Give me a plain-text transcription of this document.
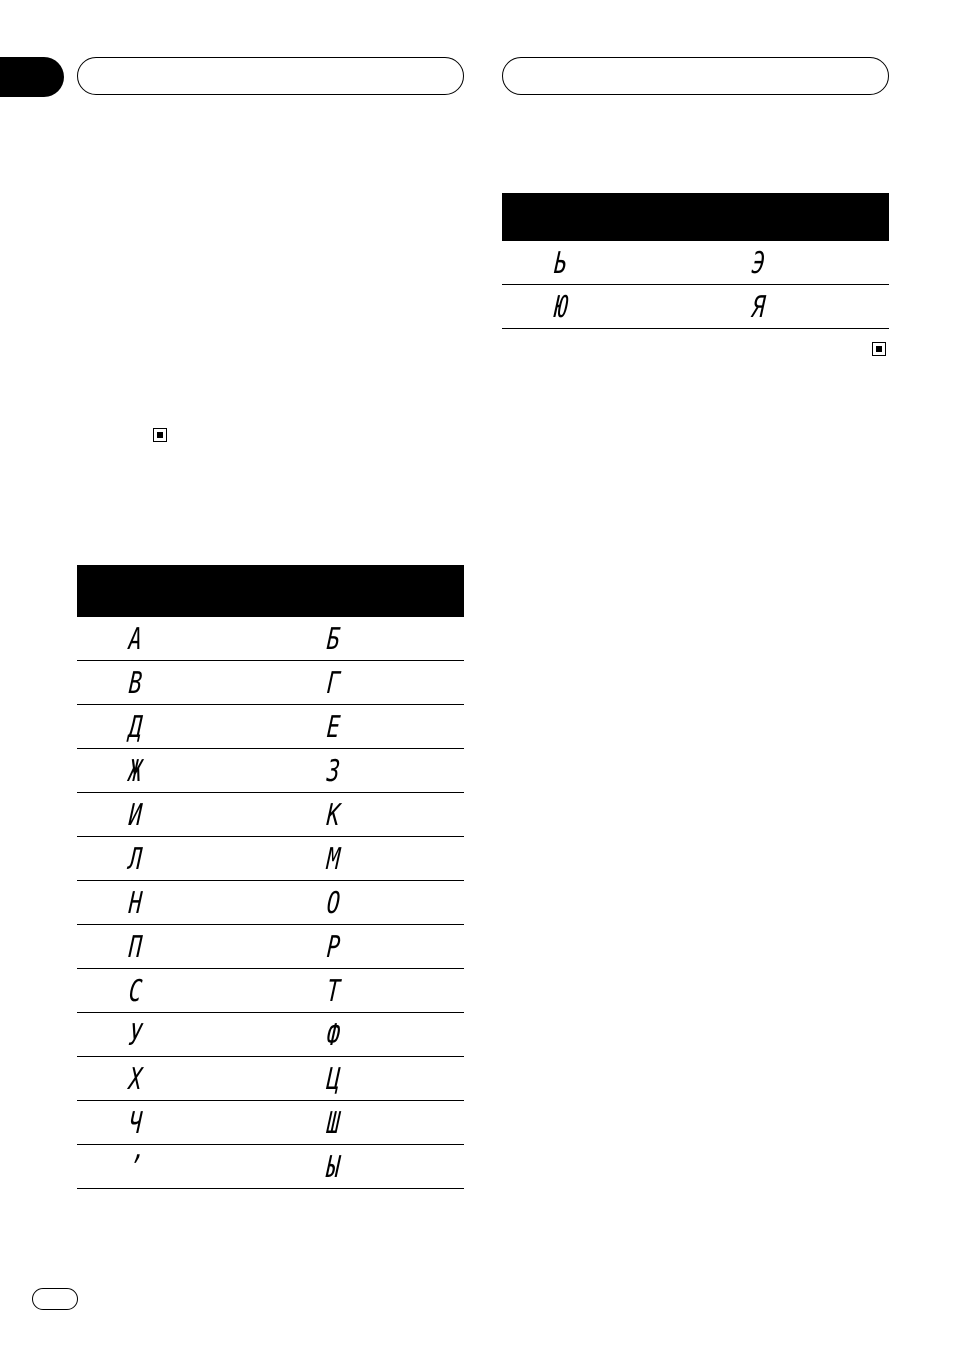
А	Б
В	Г
Д	Е
Ж	З
И	К
Л	М
Н	О
П	Р
С	Т
У	Ф
Х	Ц
Ч	Ш
’	Ы
Ь	Э
Ю	Я
